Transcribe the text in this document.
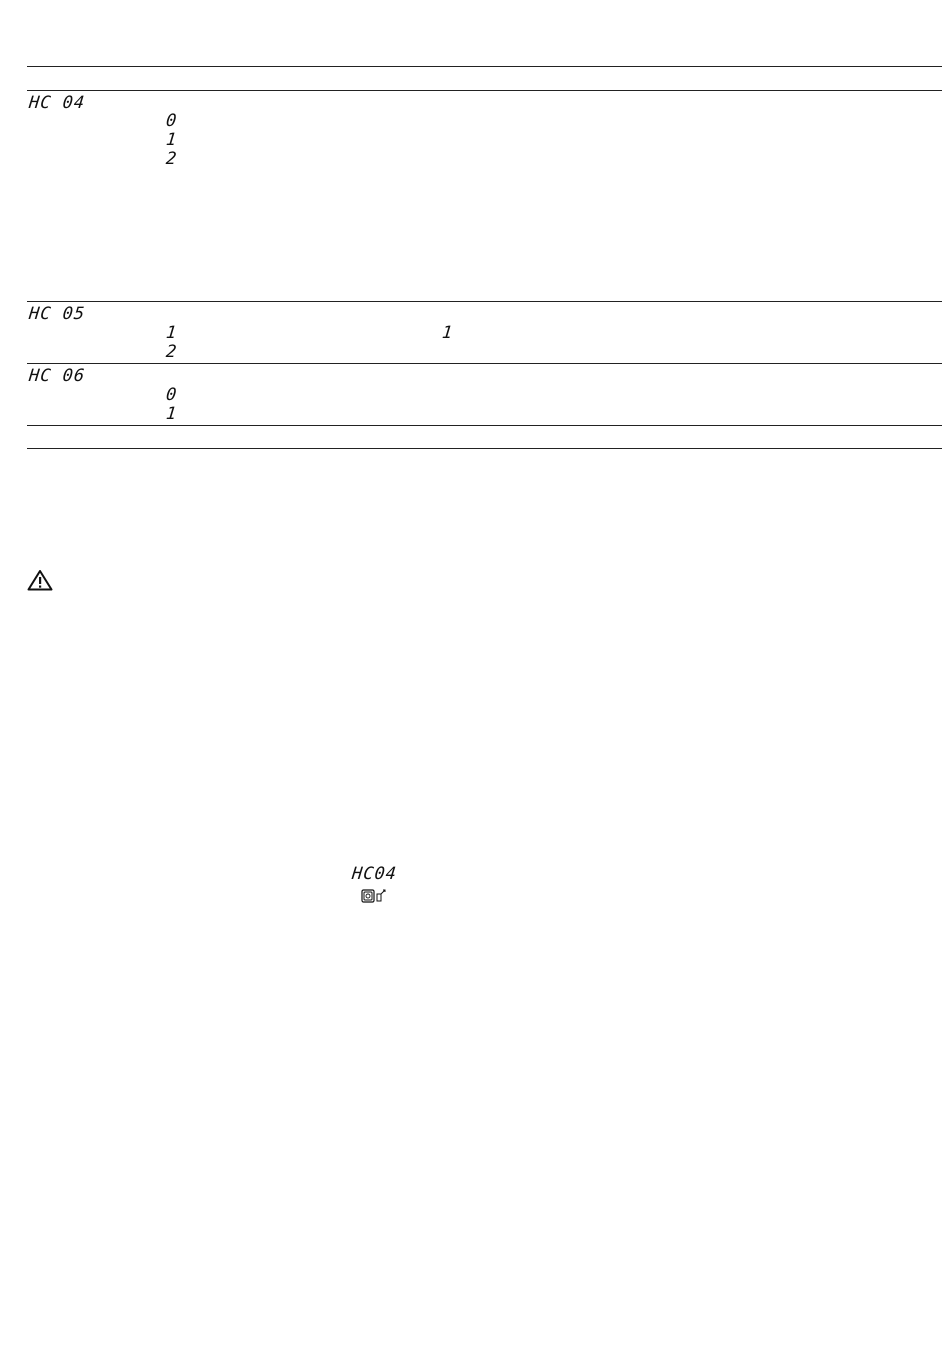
HC 04
0
1
2
HC 05
1	1
2
HC 06
0
1
HC04
